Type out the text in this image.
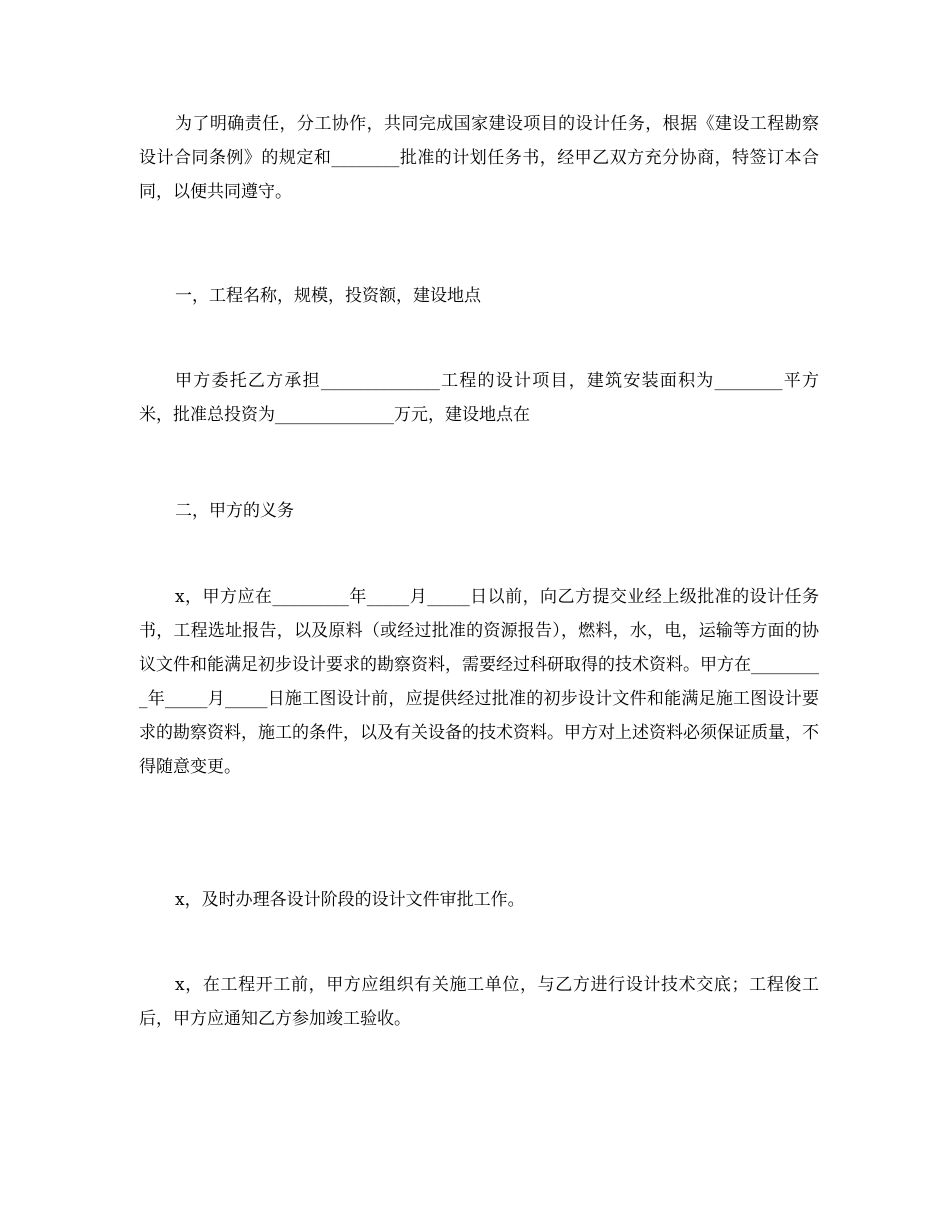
为了明确责任，分工协作，共同完成国家建设项目的设计任务，根据《建设工程勘察设计合同条例》的规定和________批准的计划任务书，经甲乙双方充分协商，特签订本合同，以便共同遵守。

一，工程名称，规模，投资额，建设地点

甲方委托乙方承担______________工程的设计项目，建筑安装面积为________平方米，批准总投资为______________万元，建设地点在

二，甲方的义务

x，甲方应在_________年_____月_____日以前，向乙方提交业经上级批准的设计任务书，工程选址报告，以及原料（或经过批准的资源报告），燃料，水，电，运输等方面的协议文件和能满足初步设计要求的勘察资料，需要经过科研取得的技术资料。甲方在_________年_____月_____日施工图设计前，应提供经过批准的初步设计文件和能满足施工图设计要求的勘察资料，施工的条件，以及有关设备的技术资料。甲方对上述资料必须保证质量，不得随意变更。

x，及时办理各设计阶段的设计文件审批工作。

x，在工程开工前，甲方应组织有关施工单位，与乙方进行设计技术交底；工程俊工后，甲方应通知乙方参加竣工验收。
